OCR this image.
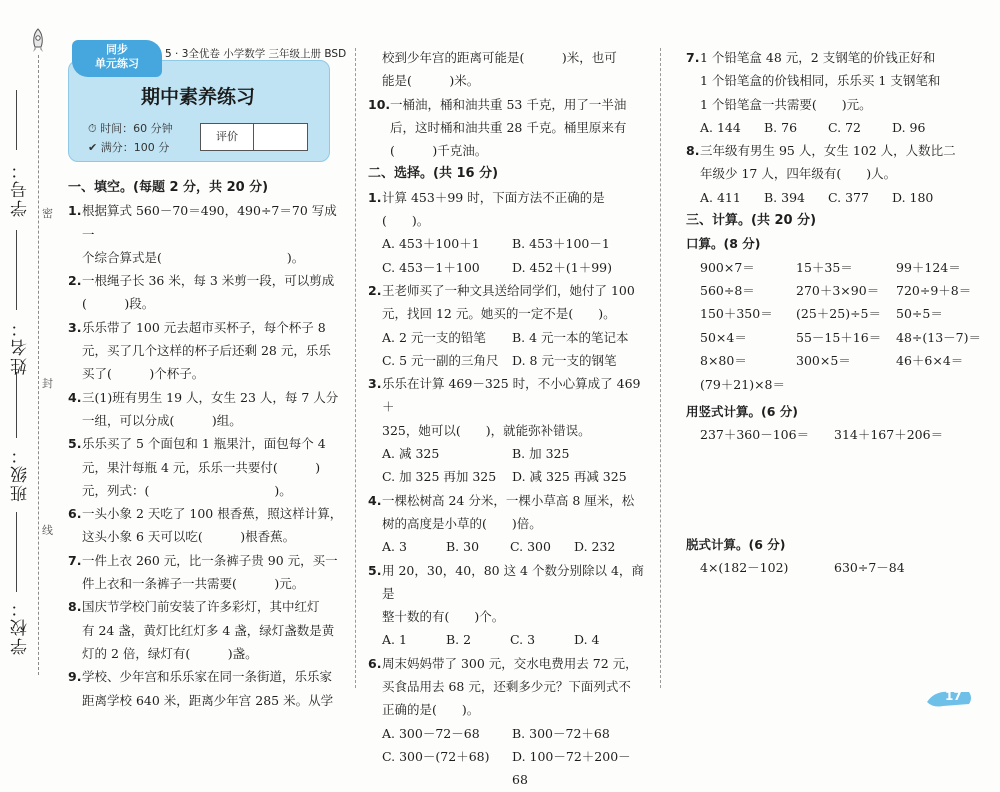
学号：
姓名：
班级：
学校：
密
封
线
同步
单元练习
5 · 3全优卷 小学数学 三年级上册 BSD
期中素养练习
⏱ 时间：60 分钟
✔ 满分：100 分
评价
一、填空。(每题 2 分，共 20 分)
1. 根据算式 560－70＝490，490÷7＝70 写成一
个综合算式是(　　　　　　　　　　)。
2. 一根绳子长 36 米，每 3 米剪一段，可以剪成
(　　　)段。
3. 乐乐带了 100 元去超市买杯子，每个杯子 8
元，买了几个这样的杯子后还剩 28 元，乐乐
买了(　　　)个杯子。
4. 三(1)班有男生 19 人，女生 23 人，每 7 人分
一组，可以分成(　　　)组。
5. 乐乐买了 5 个面包和 1 瓶果汁，面包每个 4
元，果汁每瓶 4 元，乐乐一共要付(　　　)
元，列式：(　　　　　　　　　　)。
6. 一头小象 2 天吃了 100 根香蕉，照这样计算，
这头小象 6 天可以吃(　　　)根香蕉。
7. 一件上衣 260 元，比一条裤子贵 90 元，买一
件上衣和一条裤子一共需要(　　　)元。
8. 国庆节学校门前安装了许多彩灯，其中红灯
有 24 盏，黄灯比红灯多 4 盏，绿灯盏数是黄
灯的 2 倍，绿灯有(　　　)盏。
9. 学校、少年宫和乐乐家在同一条街道，乐乐家
距离学校 640 米，距离少年宫 285 米。从学
校到少年宫的距离可能是(　　　)米，也可
能是(　　　)米。
10. 一桶油，桶和油共重 53 千克，用了一半油
后，这时桶和油共重 28 千克。桶里原来有
(　　　)千克油。
二、选择。(共 16 分)
1. 计算 453＋99 时，下面方法不正确的是(　　)。
A. 453＋100＋1	B. 453＋100－1
C. 453－1＋100	D. 452＋(1＋99)
2. 王老师买了一种文具送给同学们，她付了 100
元，找回 12 元。她买的一定不是(　　)。
A. 2 元一支的铅笔	B. 4 元一本的笔记本
C. 5 元一副的三角尺	D. 8 元一支的钢笔
3. 乐乐在计算 469－325 时，不小心算成了 469＋
325，她可以(　　)，就能弥补错误。
A. 减 325	B. 加 325
C. 加 325 再加 325	D. 减 325 再减 325
4. 一棵松树高 24 分米，一棵小草高 8 厘米，松
树的高度是小草的(　　)倍。
A. 3	B. 30	C. 300	D. 232
5. 用 20，30，40，80 这 4 个数分别除以 4，商是
整十数的有(　　)个。
A. 1	B. 2	C. 3	D. 4
6. 周末妈妈带了 300 元，交水电费用去 72 元，
买食品用去 68 元，还剩多少元？下面列式不
正确的是(　　)。
A. 300－72－68	B. 300－72＋68
C. 300－(72＋68)	D. 100－72＋200－68
7. 1 个铅笔盒 48 元，2 支钢笔的价钱正好和
1 个铅笔盒的价钱相同，乐乐买 1 支钢笔和
1 个铅笔盒一共需要(　　)元。
A. 144	B. 76	C. 72	D. 96
8. 三年级有男生 95 人，女生 102 人，人数比二
年级少 17 人，四年级有(　　)人。
A. 411	B. 394	C. 377	D. 180
三、计算。(共 20 分)
口算。(8 分)
900×7＝	15＋35＝	99＋124＝
560÷8＝	270＋3×90＝	720÷9＋8＝
150＋350＝	(25＋25)÷5＝	50÷5＝
50×4＝	55－15＋16＝	48÷(13－7)＝
8×80＝	300×5＝	46＋6×4＝
(79＋21)×8＝
用竖式计算。(6 分)
237＋360－106＝	314＋167＋206＝
脱式计算。(6 分)
4×(182－102)	630÷7－84
17
